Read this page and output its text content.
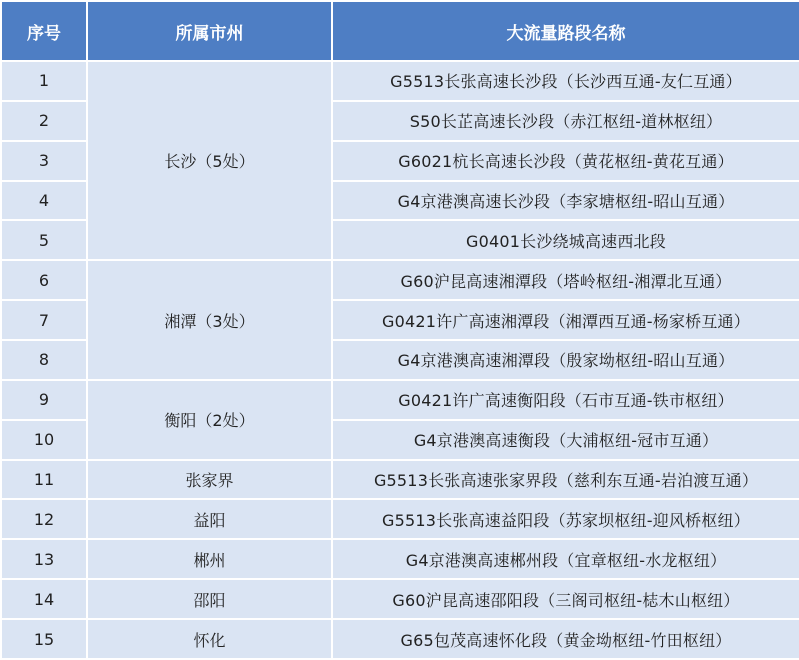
序号	所属市州	大流量路段名称
1	长沙（5处）	G5513长张高速长沙段（长沙西互通-友仁互通）
2		S50长芷高速长沙段（赤江枢纽-道林枢纽）
3		G6021杭长高速长沙段（黄花枢纽-黄花互通）
4		G4京港澳高速长沙段（李家塘枢纽-昭山互通）
5		G0401长沙绕城高速西北段
6	湘潭（3处）	G60沪昆高速湘潭段（塔岭枢纽-湘潭北互通）
7		G0421许广高速湘潭段（湘潭西互通-杨家桥互通）
8		G4京港澳高速湘潭段（殷家坳枢纽-昭山互通）
9	衡阳（2处）	G0421许广高速衡阳段（石市互通-铁市枢纽）
10		G4京港澳高速衡段（大浦枢纽-冠市互通）
11	张家界	G5513长张高速张家界段（慈利东互通-岩泊渡互通）
12	益阳	G5513长张高速益阳段（苏家坝枢纽-迎风桥枢纽）
13	郴州	G4京港澳高速郴州段（宜章枢纽-水龙枢纽）
14	邵阳	G60沪昆高速邵阳段（三阁司枢纽-梽木山枢纽）
15	怀化	G65包茂高速怀化段（黄金坳枢纽-竹田枢纽）
